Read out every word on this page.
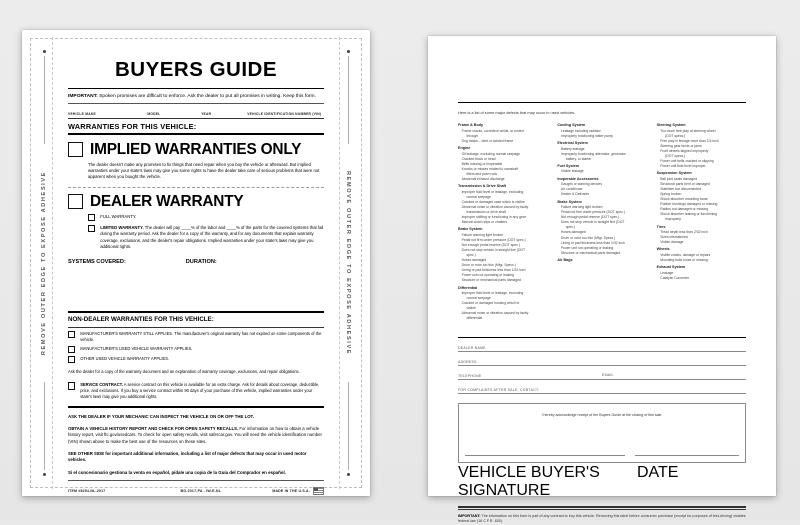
REMOVE OUTER EDGE TO EXPOSE ADHESIVE	REMOVE OUTER EDGE TO EXPOSE ADHESIVE
BUYERS GUIDE
IMPORTANT: Spoken promises are difficult to enforce. Ask the dealer to put all promises in writing. Keep this form.
VEHICLE MAKE	MODEL	YEAR	VEHICLE IDENTIFICATION NUMBER (VIN)
WARRANTIES FOR THIS VEHICLE:
IMPLIED WARRANTIES ONLY
The dealer doesn't make any promises to fix things that need repair when you buy the vehicle or afterward. But implied warranties under your state's laws may give you some rights to have the dealer take care of serious problems that were not apparent when you bought the vehicle.
DEALER WARRANTY
FULL WARRANTY.
LIMITED WARRANTY. The dealer will pay ____% of the labor and ____% of the parts for the covered systems that fail during the warranty period. Ask the dealer for a copy of the warranty, and for any documents that explain warranty coverage, exclusions, and the dealer's repair obligations. Implied warranties under your state's laws may give you additional rights.
SYSTEMS COVERED:	DURATION:
NON-DEALER WARRANTIES FOR THIS VEHICLE:
MANUFACTURER'S WARRANTY STILL APPLIES. The manufacturer's original warranty has not expired on some components of the vehicle.
MANUFACTURER'S USED VEHICLE WARRANTY APPLIES.
OTHER USED VEHICLE WARRANTY APPLIES.
Ask the dealer for a copy of the warranty document and an explanation of warranty coverage, exclusions, and repair obligations.
SERVICE CONTRACT. A service contract on this vehicle is available for an extra charge. Ask for details about coverage, deductible, price, and exclusions. If you buy a service contract within 90 days of your purchase of this vehicle, implied warranties under your state's laws may give you additional rights.
ASK THE DEALER IF YOUR MECHANIC CAN INSPECT THE VEHICLE ON OR OFF THE LOT.
OBTAIN A VEHICLE HISTORY REPORT AND CHECK FOR OPEN SAFETY RECALLS. For information on how to obtain a vehicle history report, visit ftc.gov/usedcars. To check for open safety recalls, visit safercar.gov. You will need the vehicle identification number (VIN) shown above to make the best use of the resources on these sites.
SEE OTHER SIDE for important additional information, including a list of major defects that may occur in used motor vehicles.
Si el concesionario gestiona la venta en español, pídale una copia de la Guía del Comprador en español.
ITEM #8254-NL-2017	BG-2017-PA - IW-E-NL	MADE IN THE U.S.A.
Here is a list of some major defects that may occur in used vehicles.
Frame & Body
Frame cracks, corrective welds, or rusted
through
Dog tracks – bent or twisted frame
Engine
Oil leakage, excluding normal seepage
Cracked block or head
Belts missing or inoperable
Knocks or misses related to camshaft
lifters and push rods
Abnormal exhaust discharge
Transmission & Drive Shaft
Improper fluid level or leakage, excluding
normal seepage
Cracked or damaged case which is visible
Abnormal noise or vibration caused by faulty
transmission or drive shaft
Improper shifting or functioning in any gear
Manual clutch slips or chatters
Brake System
Failure warning light broken
Pedal not firm under pressure (DOT spec.)
Not enough pedal reserve (DOT spec.)
Does not stop vehicle in straight line (DOT
spec.)
Hoses damaged
Drum or rotor too thin (Mfgr. Specs.)
Lining or pad thickness less than 1/32 inch
Power unit not operating or leaking
Structure or mechanical parts damaged
Differential
Improper fluid level or leakage, excluding
normal seepage
Cracked or damaged housing which is
visible
Abnormal noise or vibration caused by faulty
differential
Cooling System
Leakage including radiator
Improperly functioning water pump
Electrical System
Battery leakage
Improperly functioning alternator, generator,
battery, or starter
Fuel System
Visible leakage
Inoperable Accessories
Gauges or warning devices
Air conditioner
Heater & Defroster
Brake System
Failure warning light broken
Pedal not firm under pressure (DOT spec.)
Not enough pedal reserve (DOT spec.)
Does not stop vehicle in straight line (DOT
spec.)
Hoses damaged
Drum or rotor too thin (Mfgr. Specs.)
Lining or pad thickness less than 1/32 inch
Power unit not operating or leaking
Structure or mechanical parts damaged
Air Bags
Steering System
Too much free play at steering wheel
(DOT specs.)
Free play in linkage more than 1/4 inch
Steering gear binds or jams
Front wheels aligned improperly
(DOT specs.)
Power unit belts cracked or slipping
Power unit fluid level improper
Suspension System
Ball joint seals damaged
Structural parts bent or damaged
Stabilizer bar disconnected
Spring broken
Shock absorber mounting loose
Rubber bushings damaged or missing
Radius rod damaged or missing
Shock absorber leaking or functioning
improperly
Tires
Tread depth less than 2/32 inch
Sizes mismatched
Visible damage
Wheels
Visible cracks, damage or repairs
Mounting bolts loose or missing
Exhaust System
Leakage
Catalytic Converter
DEALER NAME
ADDRESS
TELEPHONE	EMAIL
FOR COMPLAINTS AFTER SALE, CONTACT:
I hereby acknowledge receipt of the Buyers Guide at the closing of this sale.
VEHICLE BUYER'S SIGNATURE
DATE
IMPORTANT: The information on this form is part of any contract to buy this vehicle. Removing this label before consumer purchase (except for purposes of test-driving) violates federal law (16 C.F.R. 455).
